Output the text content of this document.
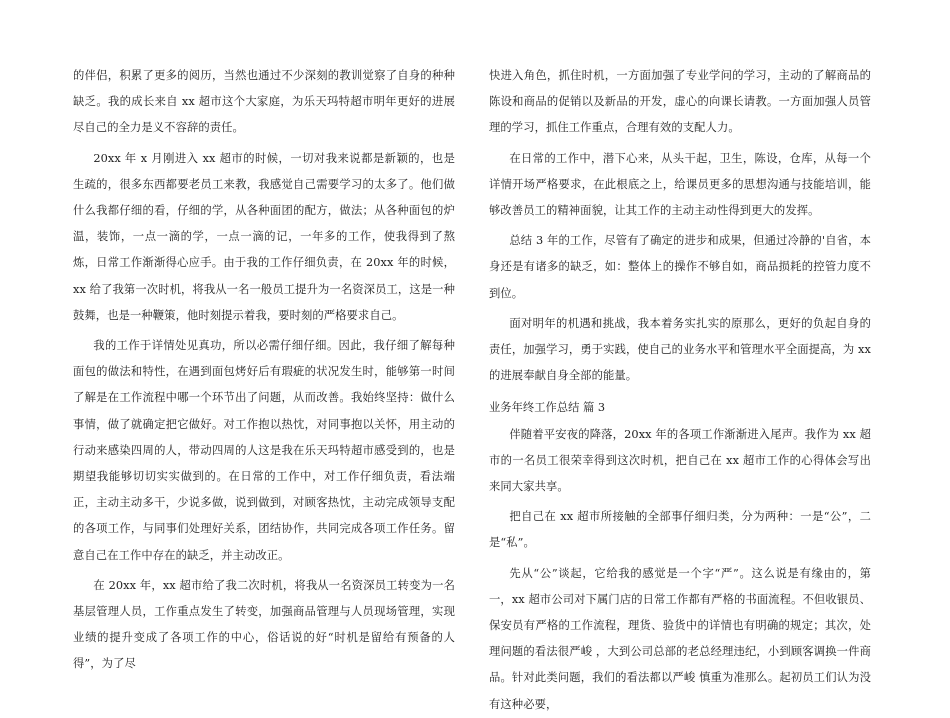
的伴侣，积累了更多的阅历，当然也通过不少深刻的教训觉察了自身的种种缺乏。我的成长来自 xx 超市这个大家庭，为乐天玛特超市明年更好的进展尽自己的全力是义不容辞的责任。

20xx 年 x 月刚进入 xx 超市的时候，一切对我来说都是新颖的，也是生疏的，很多东西都要老员工来教，我感觉自己需要学习的太多了。他们做什么我都仔细的看，仔细的学，从各种面团的配方，做法；从各种面包的炉温，装饰，一点一滴的学，一点一滴的记，一年多的工作，使我得到了熬炼，日常工作渐渐得心应手。由于我的工作仔细负责，在 20xx 年的时候，xx 给了我第一次时机，将我从一名一般员工提升为一名资深员工，这是一种鼓舞，也是一种鞭策，他时刻提示着我，要时刻的严格要求自己。

我的工作于详情处见真功，所以必需仔细仔细。因此，我仔细了解每种面包的做法和特性，在遇到面包烤好后有瑕疵的状况发生时，能够第一时间了解是在工作流程中哪一个环节出了问题，从而改善。我始终坚持：做什么事情，做了就确定把它做好。对工作抱以热忱，对同事抱以关怀，用主动的行动来感染四周的人，带动四周的人这是我在乐天玛特超市感受到的，也是期望我能够切切实实做到的。在日常的工作中，对工作仔细负责，看法端正，主动主动多干，少说多做，说到做到，对顾客热忱，主动完成领导支配的各项工作，与同事们处理好关系，团结协作，共同完成各项工作任务。留意自己在工作中存在的缺乏，并主动改正。

在 20xx 年，xx 超市给了我二次时机，将我从一名资深员工转变为一名基层管理人员，工作重点发生了转变，加强商品管理与人员现场管理，实现业绩的提升变成了各项工作的中心，俗话说的好“时机是留给有预备的人得”，为了尽

快进入角色，抓住时机，一方面加强了专业学问的学习，主动的了解商品的陈设和商品的促销以及新品的开发，虚心的向课长请教。一方面加强人员管理的学习，抓住工作重点，合理有效的支配人力。

在日常的工作中，潜下心来，从头干起，卫生，陈设，仓库，从每一个详情开场严格要求，在此根底之上，给课员更多的思想沟通与技能培训，能够改善员工的精神面貌，让其工作的主动主动性得到更大的发挥。

总结 3 年的工作，尽管有了确定的进步和成果，但通过冷静的'自省，本身还是有诸多的缺乏，如：整体上的操作不够自如，商品损耗的控管力度不到位。

面对明年的机遇和挑战，我本着务实扎实的原那么，更好的负起自身的责任，加强学习，勇于实践，使自己的业务水平和管理水平全面提高，为 xx 的进展奉献自身全部的能量。

业务年终工作总结 篇 3

伴随着平安夜的降落，20xx 年的各项工作渐渐进入尾声。我作为 xx 超市的一名员工很荣幸得到这次时机，把自己在 xx 超市工作的心得体会写出来同大家共享。

把自己在 xx 超市所接触的全部事仔细归类，分为两种：一是“公”，二是“私”。

先从“公”谈起，它给我的感觉是一个字“严”。这么说是有缘由的，第一，xx 超市公司对下属门店的日常工作都有严格的书面流程。不但收银员、保安员有严格的工作流程，理货、验货中的详情也有明确的规定；其次，处理问题的看法很严峻 ，大到公司总部的老总经理违纪，小到顾客调换一件商品。针对此类问题，我们的看法都以严峻 慎重为准那么。起初员工们认为没有这种必要，
